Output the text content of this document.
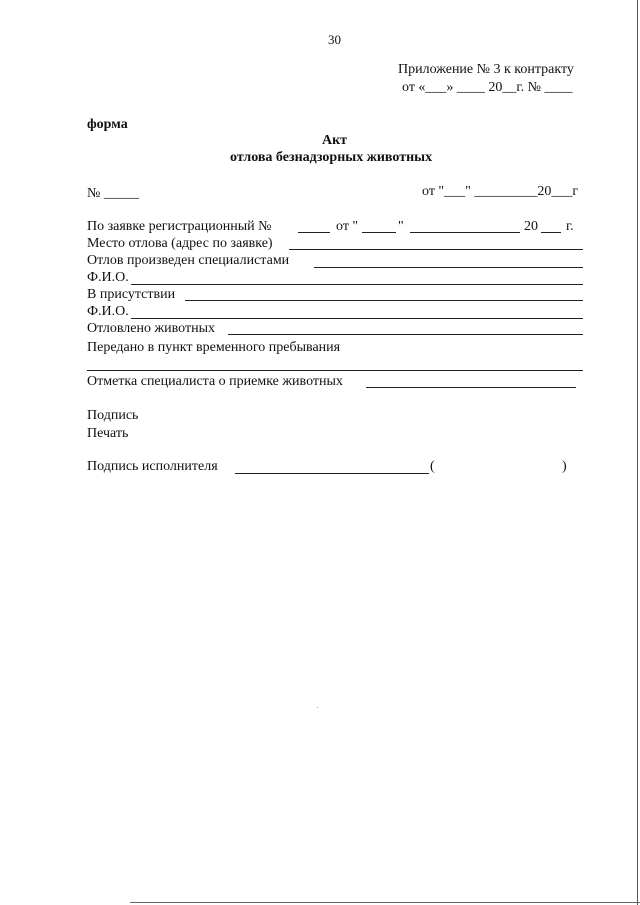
30
Приложение № 3 к контракту
от «___» ____ 20__г. № ____
форма
Акт
отлова безнадзорных животных
№ _____	от "___" _________20___г
По заявке регистрационный №	от "	"	20 г.
Место отлова (адрес по заявке)
Отлов произведен специалистами
Ф.И.О.
В присутствии
Ф.И.О.
Отловлено животных
Передано в пункт временного пребывания
Отметка специалиста о приемке животных
Подпись
Печать
Подпись исполнителя	(	)
